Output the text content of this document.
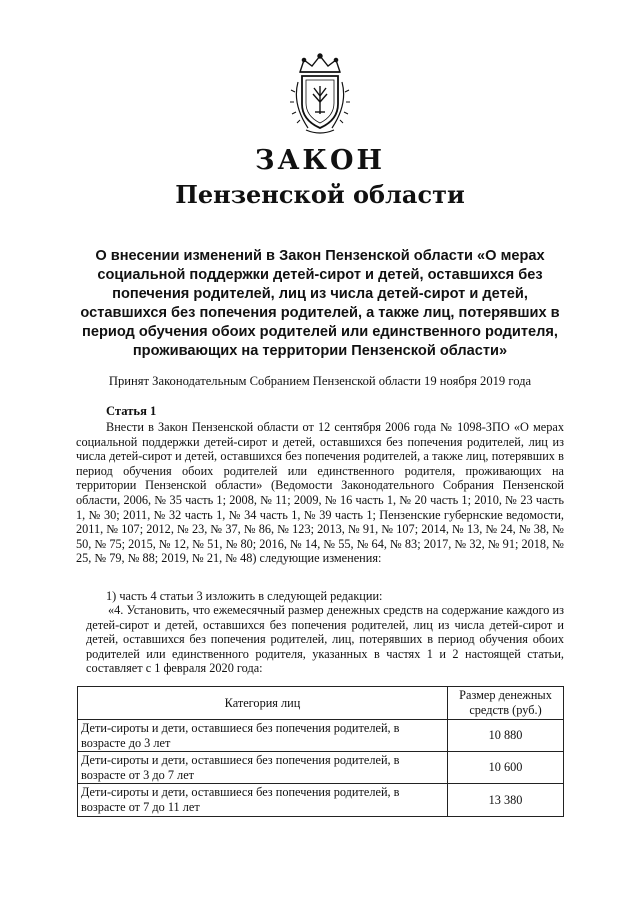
ЗАКОН
Пензенской области
О внесении изменений в Закон Пензенской области «О мерах социальной поддержки детей-сирот и детей, оставшихся без попечения родителей, лиц из числа детей-сирот и детей, оставшихся без попечения родителей, а также лиц, потерявших в период обучения обоих родителей или единственного родителя, проживающих на территории Пензенской области»
Принят Законодательным Собранием Пензенской области 19 ноября 2019 года
Статья 1

Внести в Закон Пензенской области от 12 сентября 2006 года № 1098-ЗПО «О мерах социальной поддержки детей-сирот и детей, оставшихся без попечения родителей, лиц из числа детей-сирот и детей, оставшихся без попечения родителей, а также лиц, потерявших в период обучения обоих родителей или единственного родителя, проживающих на территории Пензенской области» (Ведомости Законодательного Собрания Пензенской области, 2006, № 35 часть 1; 2008, № 11; 2009, № 16 часть 1, № 20 часть 1; 2010, № 23 часть 1, № 30; 2011, № 32 часть 1, № 34 часть 1, № 39 часть 1; Пензенские губернские ведомости, 2011, № 107; 2012, № 23, № 37, № 86, № 123; 2013, № 91, № 107; 2014, № 13, № 24, № 38, № 50, № 75; 2015, № 12, № 51, № 80; 2016, № 14, № 55, № 64, № 83; 2017, № 32, № 91; 2018, № 25, № 79, № 88; 2019, № 21, № 48) следующие изменения:

1) часть 4 статьи 3 изложить в следующей редакции:

«4. Установить, что ежемесячный размер денежных средств на содержание каждого из детей-сирот и детей, оставшихся без попечения родителей, лиц из числа детей-сирот и детей, оставшихся без попечения родителей, лиц, потерявших в период обучения обоих родителей или единственного родителя, указанных в частях 1 и 2 настоящей статьи, составляет с 1 февраля 2020 года:

Категория лиц	Размер денежных средств (руб.)
Дети-сироты и дети, оставшиеся без попечения родителей, в возрасте до 3 лет	10 880
Дети-сироты и дети, оставшиеся без попечения родителей, в возрасте от 3 до 7 лет	10 600
Дети-сироты и дети, оставшиеся без попечения родителей, в возрасте от 7 до 11 лет	13 380
